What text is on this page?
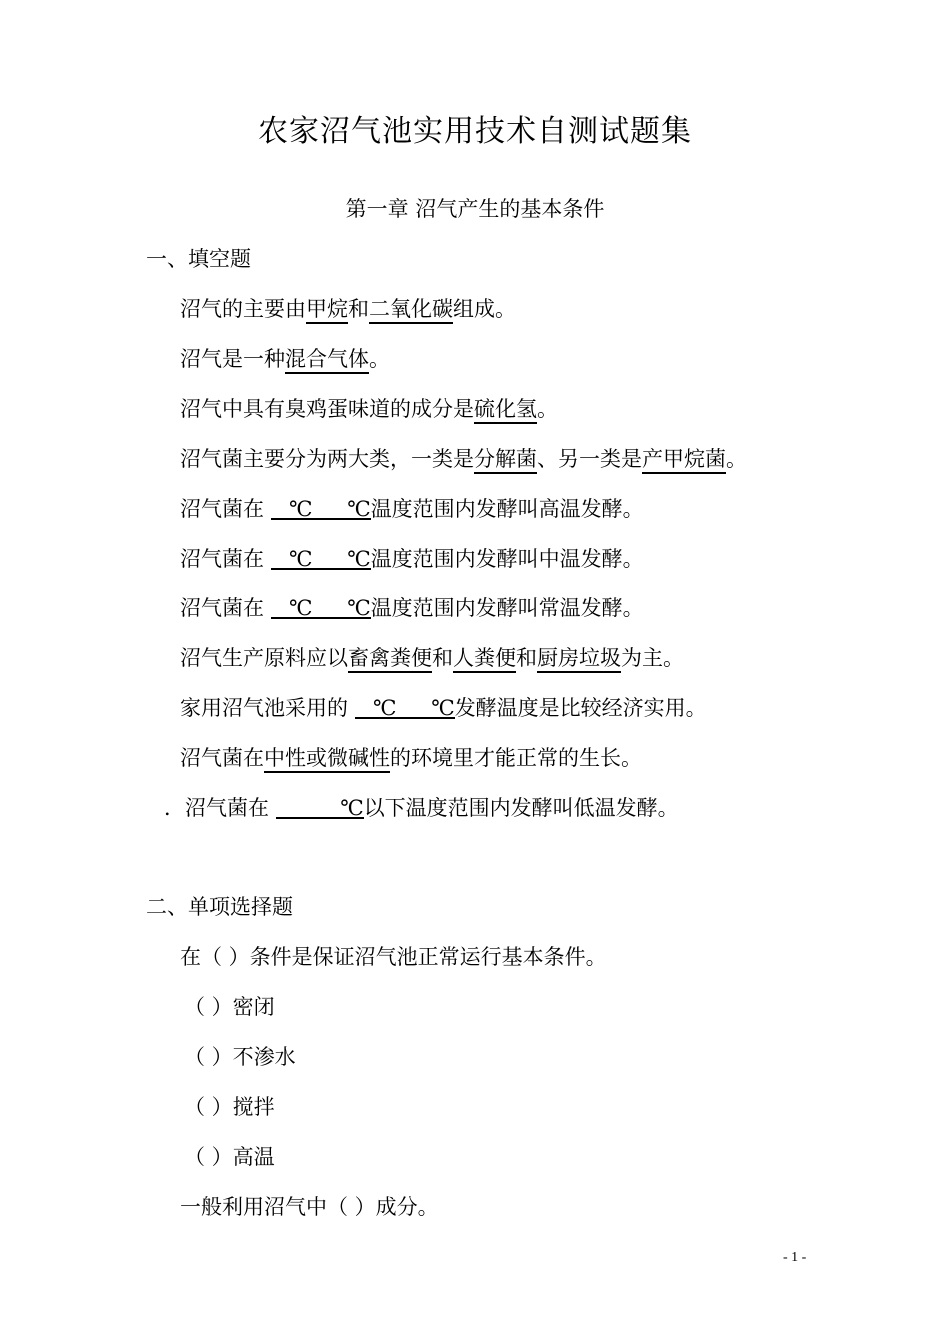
农家沼气池实用技术自测试题集
第一章 沼气产生的基本条件
一、填空题
沼气的主要由甲烷和二氧化碳组成。
沼气是一种混合气体。
沼气中具有臭鸡蛋味道的成分是硫化氢。
沼气菌主要分为两大类，一类是分解菌、另一类是产甲烷菌。
沼气菌在 ℃ ℃温度范围内发酵叫高温发酵。
沼气菌在 ℃ ℃温度范围内发酵叫中温发酵。
沼气菌在 ℃ ℃温度范围内发酵叫常温发酵。
沼气生产原料应以畜禽粪便和人粪便和厨房垃圾为主。
家用沼气池采用的 ℃ ℃发酵温度是比较经济实用。
沼气菌在中性或微碱性的环境里才能正常的生长。
．沼气菌在	℃以下温度范围内发酵叫低温发酵。
二、单项选择题
在（ ）条件是保证沼气池正常运行基本条件。
（ ）密闭
（ ）不渗水
（ ）搅拌
（ ）高温
一般利用沼气中（ ）成分。
- 1 -
